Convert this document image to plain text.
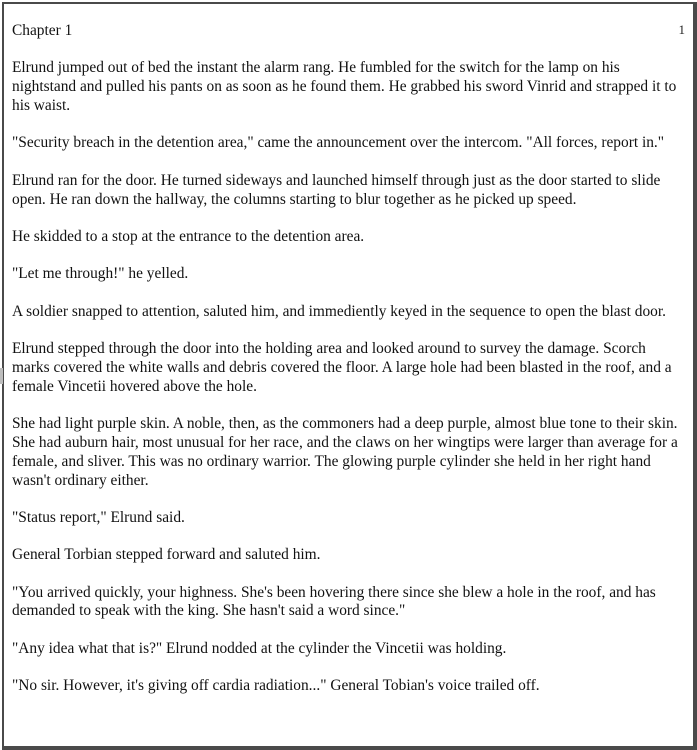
1
Chapter 1

Elrund jumped out of bed the instant the alarm rang. He fumbled for the switch for the lamp on his nightstand and pulled his pants on as soon as he found them. He grabbed his sword Vinrid and strapped it to his waist.

"Security breach in the detention area," came the announcement over the intercom. "All forces, report in."

Elrund ran for the door. He turned sideways and launched himself through just as the door started to slide open. He ran down the hallway, the columns starting to blur together as he picked up speed.

He skidded to a stop at the entrance to the detention area.

"Let me through!" he yelled.

A soldier snapped to attention, saluted him, and immediently keyed in the sequence to open the blast door.

Elrund stepped through the door into the holding area and looked around to survey the damage. Scorch marks covered the white walls and debris covered the floor. A large hole had been blasted in the roof, and a female Vincetii hovered above the hole.

She had light purple skin. A noble, then, as the commoners had a deep purple, almost blue tone to their skin. She had auburn hair, most unusual for her race, and the claws on her wingtips were larger than average for a female, and sliver. This was no ordinary warrior. The glowing purple cylinder she held in her right hand wasn't ordinary either.

"Status report," Elrund said.

General Torbian stepped forward and saluted him.

"You arrived quickly, your highness. She's been hovering there since she blew a hole in the roof, and has demanded to speak with the king. She hasn't said a word since."

"Any idea what that is?" Elrund nodded at the cylinder the Vincetii was holding.

"No sir. However, it's giving off cardia radiation..." General Tobian's voice trailed off.
